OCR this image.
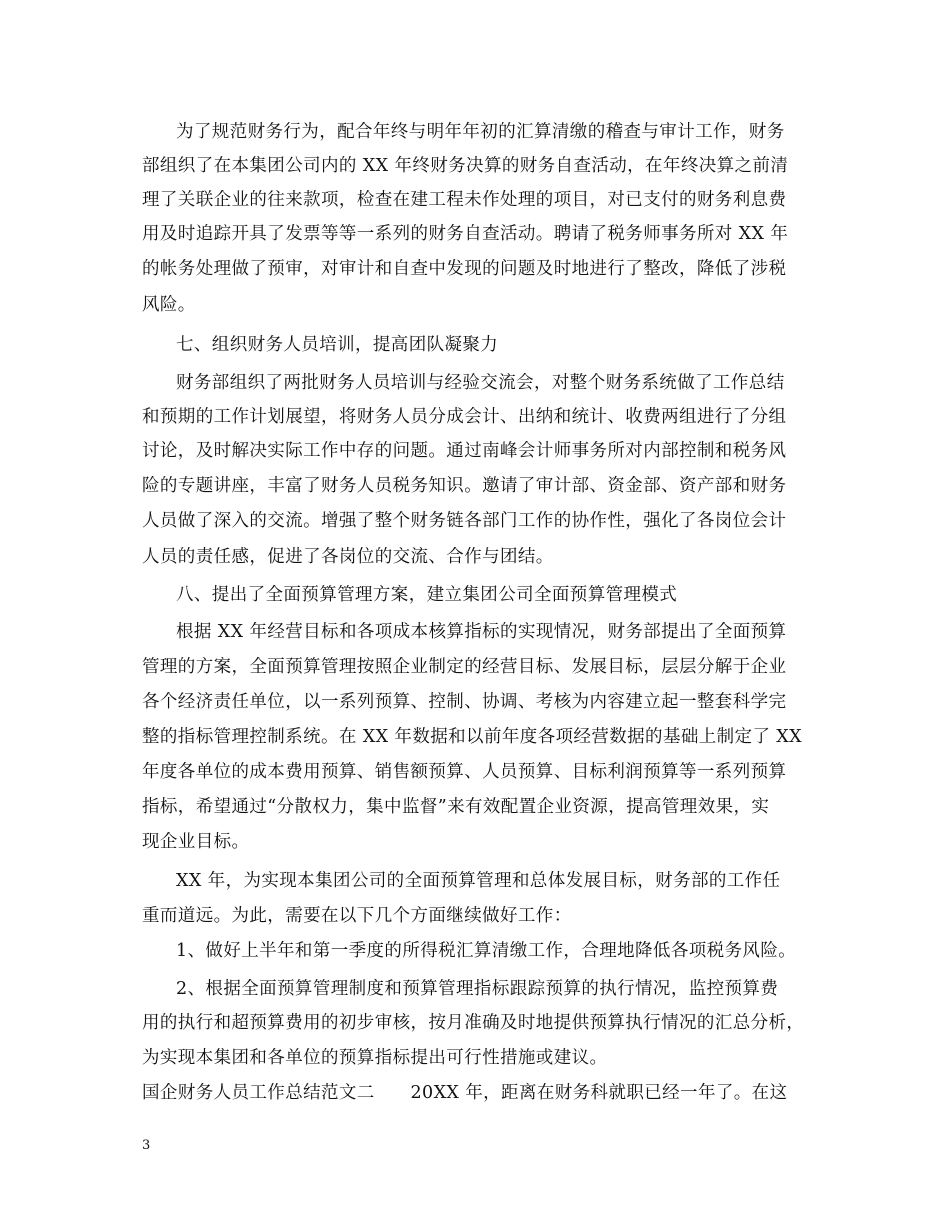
为了规范财务行为，配合年终与明年年初的汇算清缴的稽查与审计工作，财务
部组织了在本集团公司内的 XX 年终财务决算的财务自查活动，在年终决算之前清
理了关联企业的往来款项，检查在建工程未作处理的项目，对已支付的财务利息费
用及时追踪开具了发票等等一系列的财务自查活动。聘请了税务师事务所对 XX 年
的帐务处理做了预审，对审计和自查中发现的问题及时地进行了整改，降低了涉税
风险。
七、组织财务人员培训，提高团队凝聚力
财务部组织了两批财务人员培训与经验交流会，对整个财务系统做了工作总结
和预期的工作计划展望，将财务人员分成会计、出纳和统计、收费两组进行了分组
讨论，及时解决实际工作中存的问题。通过南峰会计师事务所对内部控制和税务风
险的专题讲座，丰富了财务人员税务知识。邀请了审计部、资金部、资产部和财务
人员做了深入的交流。增强了整个财务链各部门工作的协作性，强化了各岗位会计
人员的责任感，促进了各岗位的交流、合作与团结。
八、提出了全面预算管理方案，建立集团公司全面预算管理模式
根据 XX 年经营目标和各项成本核算指标的实现情况，财务部提出了全面预算
管理的方案，全面预算管理按照企业制定的经营目标、发展目标，层层分解于企业
各个经济责任单位，以一系列预算、控制、协调、考核为内容建立起一整套科学完
整的指标管理控制系统。在 XX 年数据和以前年度各项经营数据的基础上制定了 XX
年度各单位的成本费用预算、销售额预算、人员预算、目标利润预算等一系列预算
指标，希望通过“分散权力，集中监督”来有效配置企业资源，提高管理效果，实
现企业目标。
XX 年，为实现本集团公司的全面预算管理和总体发展目标，财务部的工作任
重而道远。为此，需要在以下几个方面继续做好工作：
1、做好上半年和第一季度的所得税汇算清缴工作，合理地降低各项税务风险。
2、根据全面预算管理制度和预算管理指标跟踪预算的执行情况，监控预算费
用的执行和超预算费用的初步审核，按月准确及时地提供预算执行情况的汇总分析，
为实现本集团和各单位的预算指标提出可行性措施或建议。
国企财务人员工作总结范文二　　20XX 年，距离在财务科就职已经一年了。在这
3
